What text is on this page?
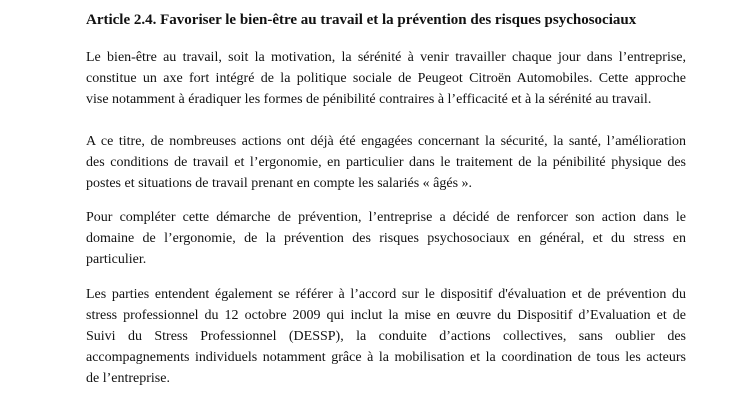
Article 2.4. Favoriser le bien-être au travail et la prévention des risques psychosociaux
Le bien-être au travail, soit la motivation, la sérénité à venir travailler chaque jour dans l’entreprise,
constitue un axe fort intégré de la politique sociale de Peugeot Citroën Automobiles. Cette approche
vise notamment à éradiquer les formes de pénibilité contraires à l’efficacité et à la sérénité au travail.
A ce titre, de nombreuses actions ont déjà été engagées concernant la sécurité, la santé, l’amélioration
des conditions de travail et l’ergonomie, en particulier dans le traitement de la pénibilité physique des
postes et situations de travail prenant en compte les salariés « âgés ».
Pour compléter cette démarche de prévention, l’entreprise a décidé de renforcer son action dans le
domaine de l’ergonomie, de la prévention des risques psychosociaux en général, et du stress en
particulier.
Les parties entendent également se référer à l’accord sur le dispositif d'évaluation et de prévention du
stress professionnel du 12 octobre 2009 qui inclut la mise en œuvre du Dispositif d’Evaluation et de
Suivi du Stress Professionnel (DESSP), la conduite d’actions collectives, sans oublier des
accompagnements individuels notamment grâce à la mobilisation et la coordination de tous les acteurs
de l’entreprise.
